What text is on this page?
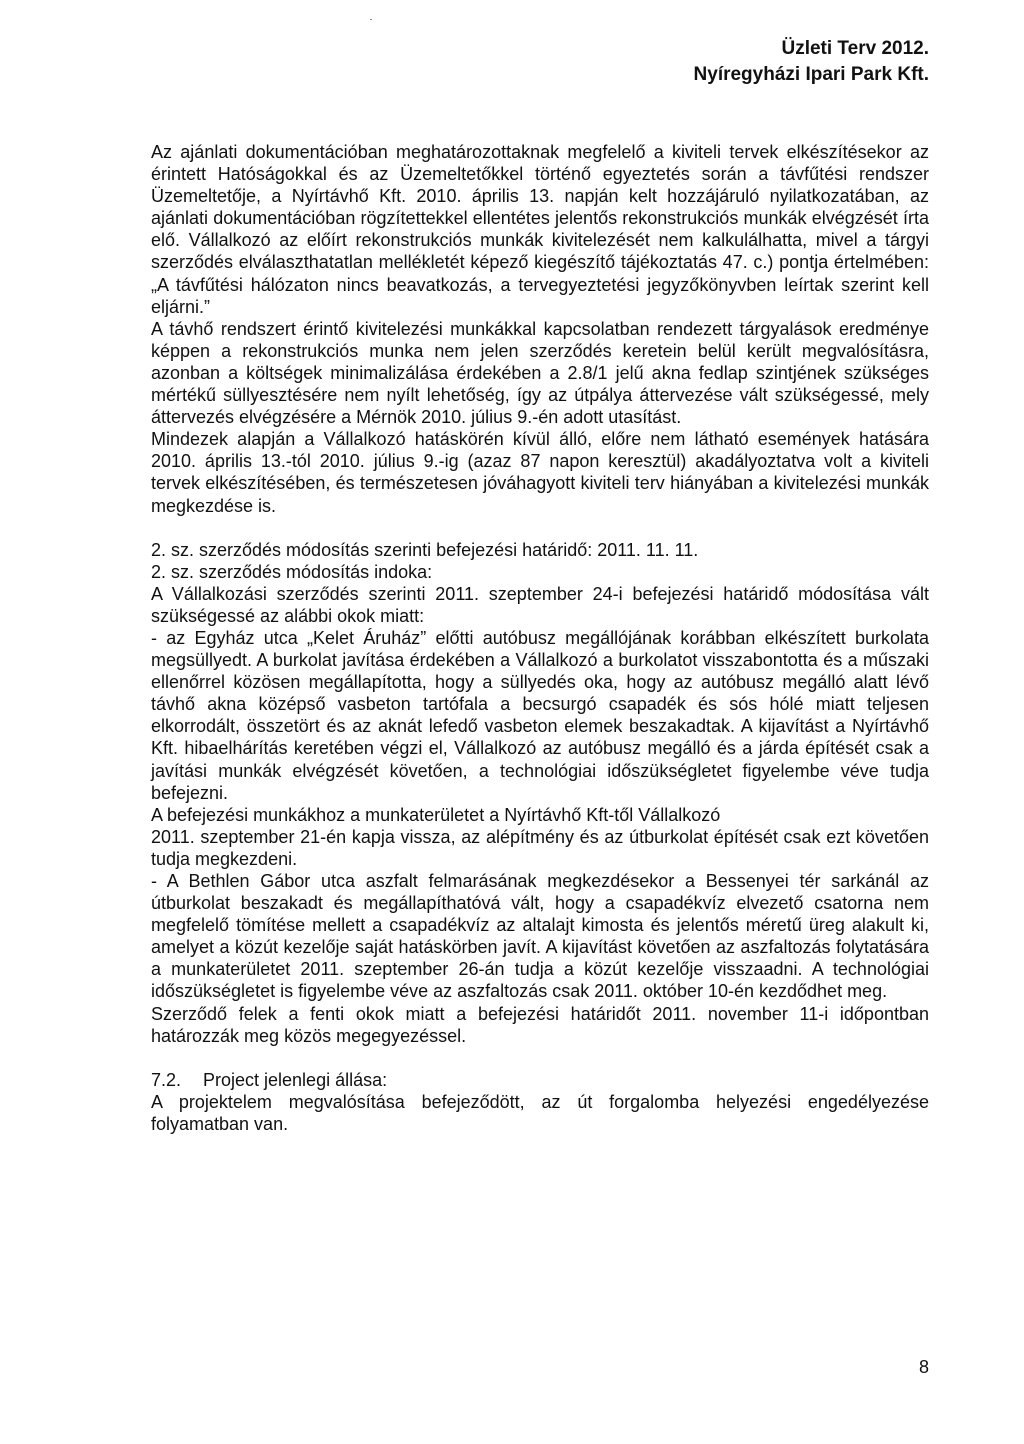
Üzleti Terv 2012.
Nyíregyházi Ipari Park Kft.

Az ajánlati dokumentációban meghatározottaknak megfelelő a kiviteli tervek elkészítésekor az érintett Hatóságokkal és az Üzemeltetőkkel történő egyeztetés során a távfűtési rendszer Üzemeltetője, a Nyírtávhő Kft. 2010. április 13. napján kelt hozzájáruló nyilatkozatában, az ajánlati dokumentációban rögzítettekkel ellentétes jelentős rekonstrukciós munkák elvégzését írta elő. Vállalkozó az előírt rekonstrukciós munkák kivitelezését nem kalkulálhatta, mivel a tárgyi szerződés elválaszthatatlan mellékletét képező kiegészítő tájékoztatás 47. c.) pontja értelmében: „A távfűtési hálózaton nincs beavatkozás, a tervegyeztetési jegyzőkönyvben leírtak szerint kell eljárni.”

A távhő rendszert érintő kivitelezési munkákkal kapcsolatban rendezett tárgyalások eredménye képpen a rekonstrukciós munka nem jelen szerződés keretein belül került megvalósításra, azonban a költségek minimalizálása érdekében a 2.8/1 jelű akna fedlap szintjének szükséges mértékű süllyesztésére nem nyílt lehetőség, így az útpálya áttervezése vált szükségessé, mely áttervezés elvégzésére a Mérnök 2010. július 9.-én adott utasítást.

Mindezek alapján a Vállalkozó hatáskörén kívül álló, előre nem látható események hatására 2010. április 13.-tól 2010. július 9.-ig (azaz 87 napon keresztül) akadályoztatva volt a kiviteli tervek elkészítésében, és természetesen jóváhagyott kiviteli terv hiányában a kivitelezési munkák megkezdése is.

2. sz. szerződés módosítás szerinti befejezési határidő: 2011. 11. 11.

2. sz. szerződés módosítás indoka:

A Vállalkozási szerződés szerinti 2011. szeptember 24-i befejezési határidő módosítása vált szükségessé az alábbi okok miatt:

- az Egyház utca „Kelet Áruház” előtti autóbusz megállójának korábban elkészített burkolata megsüllyedt. A burkolat javítása érdekében a Vállalkozó a burkolatot visszabontotta és a műszaki ellenőrrel közösen megállapította, hogy a süllyedés oka, hogy az autóbusz megálló alatt lévő távhő akna középső vasbeton tartófala a becsurgó csapadék és sós hólé miatt teljesen elkorrodált, összetört és az aknát lefedő vasbeton elemek beszakadtak. A kijavítást a Nyírtávhő Kft. hibaelhárítás keretében végzi el, Vállalkozó az autóbusz megálló és a járda építését csak a javítási munkák elvégzését követően, a technológiai időszükségletet figyelembe véve tudja befejezni.

A befejezési munkákhoz a munkaterületet a Nyírtávhő Kft-től Vállalkozó

2011. szeptember 21-én kapja vissza, az alépítmény és az útburkolat építését csak ezt követően tudja megkezdeni.

- A Bethlen Gábor utca aszfalt felmarásának megkezdésekor a Bessenyei tér sarkánál az útburkolat beszakadt és megállapíthatóvá vált, hogy a csapadékvíz elvezető csatorna nem megfelelő tömítése mellett a csapadékvíz az altalajt kimosta és jelentős méretű üreg alakult ki, amelyet a közút kezelője saját hatáskörben javít. A kijavítást követően az aszfaltozás folytatására a munkaterületet 2011. szeptember 26-án tudja a közút kezelője visszaadni. A technológiai időszükségletet is figyelembe véve az aszfaltozás csak 2011. október 10-én kezdődhet meg.

Szerződő felek a fenti okok miatt a befejezési határidőt 2011. november 11-i időpontban határozzák meg közös megegyezéssel.

7.2.	Project jelenlegi állása:

A projektelem megvalósítása befejeződött, az út forgalomba helyezési engedélyezése folyamatban van.

8
